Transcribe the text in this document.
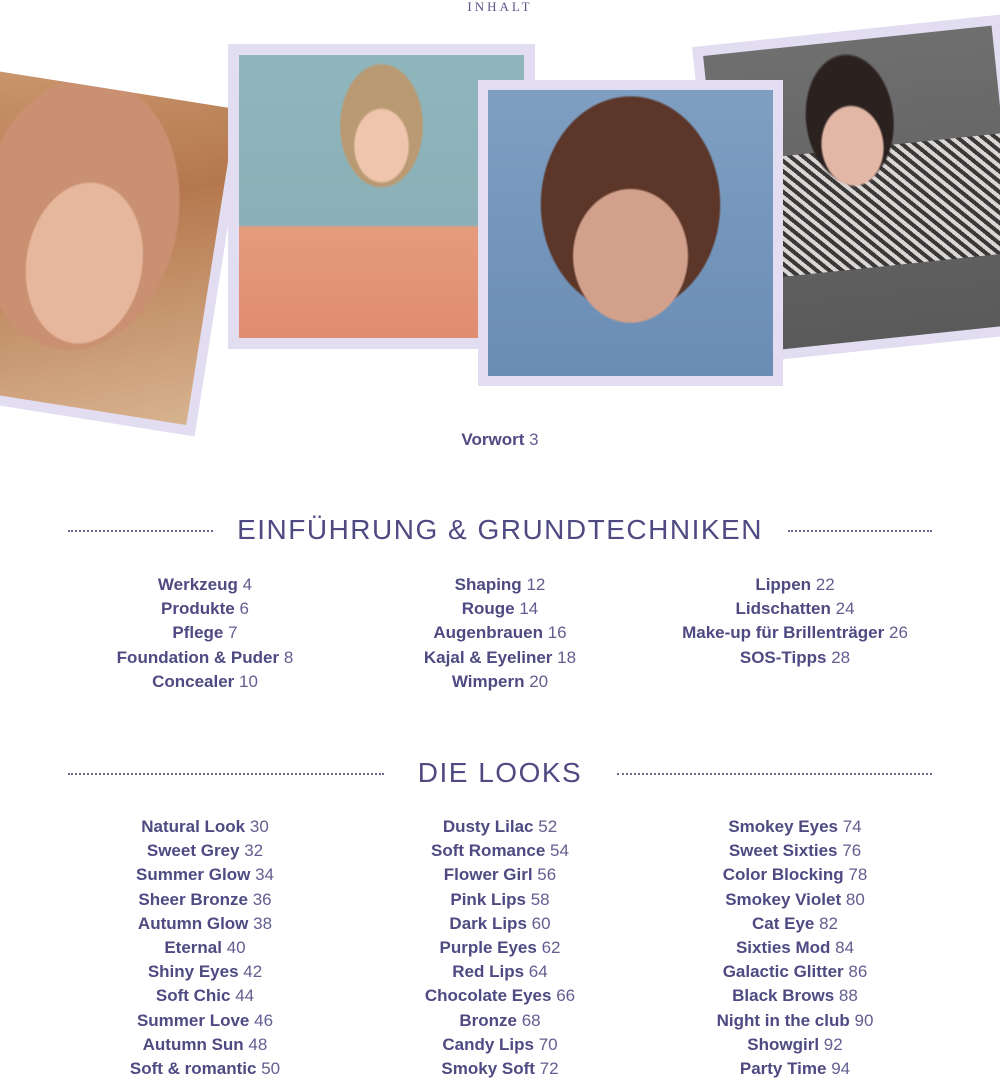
INHALT
Vorwort 3
EINFÜHRUNG & GRUNDTECHNIKEN
Werkzeug 4
Produkte 6
Pflege 7
Foundation & Puder 8
Concealer 10
Shaping 12
Rouge 14
Augenbrauen 16
Kajal & Eyeliner 18
Wimpern 20
Lippen 22
Lidschatten 24
Make-up für Brillenträger 26
SOS-Tipps 28
DIE LOOKS
Natural Look 30
Sweet Grey 32
Summer Glow 34
Sheer Bronze 36
Autumn Glow 38
Eternal 40
Shiny Eyes 42
Soft Chic 44
Summer Love 46
Autumn Sun 48
Soft & romantic 50
Dusty Lilac 52
Soft Romance 54
Flower Girl 56
Pink Lips 58
Dark Lips 60
Purple Eyes 62
Red Lips 64
Chocolate Eyes 66
Bronze 68
Candy Lips 70
Smoky Soft 72
Smokey Eyes 74
Sweet Sixties 76
Color Blocking 78
Smokey Violet 80
Cat Eye 82
Sixties Mod 84
Galactic Glitter 86
Black Brows 88
Night in the club 90
Showgirl 92
Party Time 94
